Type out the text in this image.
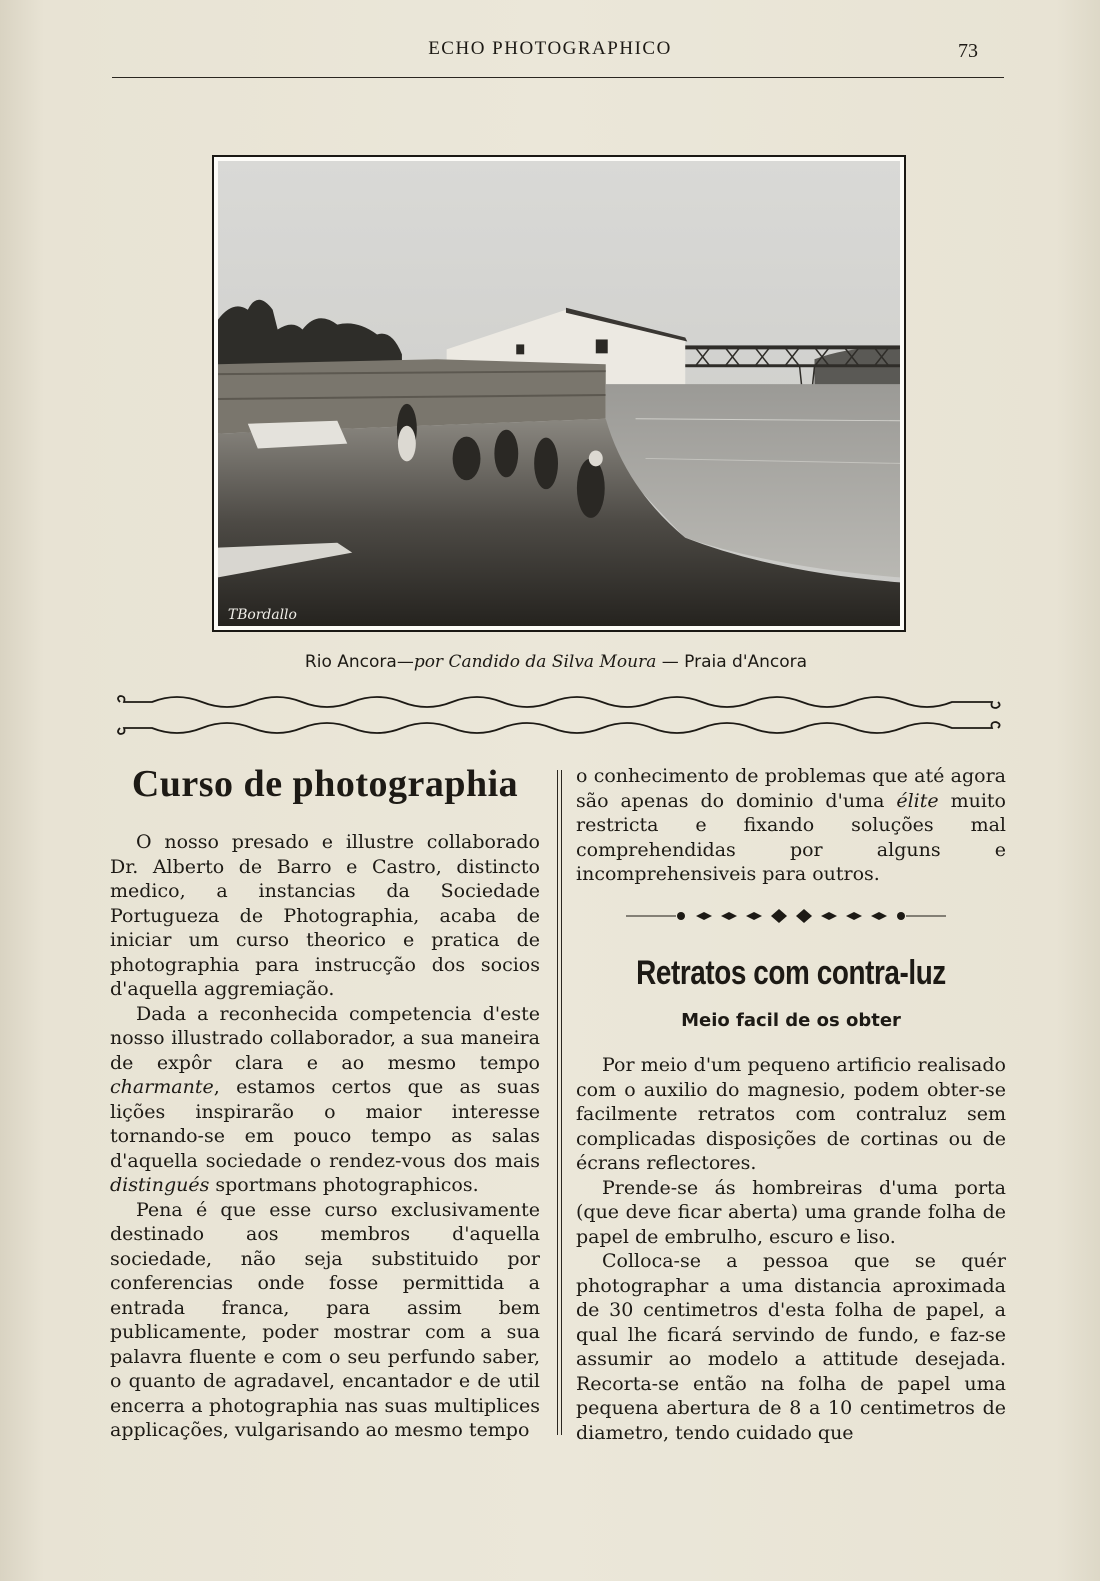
ECHO PHOTOGRAPHICO	73
TBordallo
Rio Ancora—por Candido da Silva Moura — Praia d'Ancora
Curso de photographia

O nosso presado e illustre collaborado Dr. Alberto de Barro e Castro, distincto medico, a instancias da Sociedade Portugueza de Photographia, acaba de iniciar um curso theorico e pratica de photographia para instrucção dos socios d'aquella aggremiação.

Dada a reconhecida competencia d'este nosso illustrado collaborador, a sua maneira de expôr clara e ao mesmo tempo charmante, estamos certos que as suas lições inspirarão o maior interesse tornando-se em pouco tempo as salas d'aquella sociedade o rendez-vous dos mais distingués sportmans photographicos.

Pena é que esse curso exclusivamente destinado aos membros d'aquella sociedade, não seja substituido por conferencias onde fosse permittida a entrada franca, para assim bem publicamente, poder mostrar com a sua palavra fluente e com o seu perfundo saber, o quanto de agradavel, encantador e de util encerra a photographia nas suas multiplices applicações, vulgarisando ao mesmo tempo

o conhecimento de problemas que até agora são apenas do dominio d'uma élite muito restricta e fixando soluções mal comprehendidas por alguns e incomprehensiveis para outros.

Retratos com contra-luz
Meio facil de os obter

Por meio d'um pequeno artificio realisado com o auxilio do magnesio, podem obter-se facilmente retratos com contraluz sem complicadas disposições de cortinas ou de écrans reflectores.

Prende-se ás hombreiras d'uma porta (que deve ficar aberta) uma grande folha de papel de embrulho, escuro e liso.

Colloca-se a pessoa que se quér photographar a uma distancia aproximada de 30 centimetros d'esta folha de papel, a qual lhe ficará servindo de fundo, e faz-se assumir ao modelo a attitude desejada. Recorta-se então na folha de papel uma pequena abertura de 8 a 10 centimetros de diametro, tendo cuidado que
